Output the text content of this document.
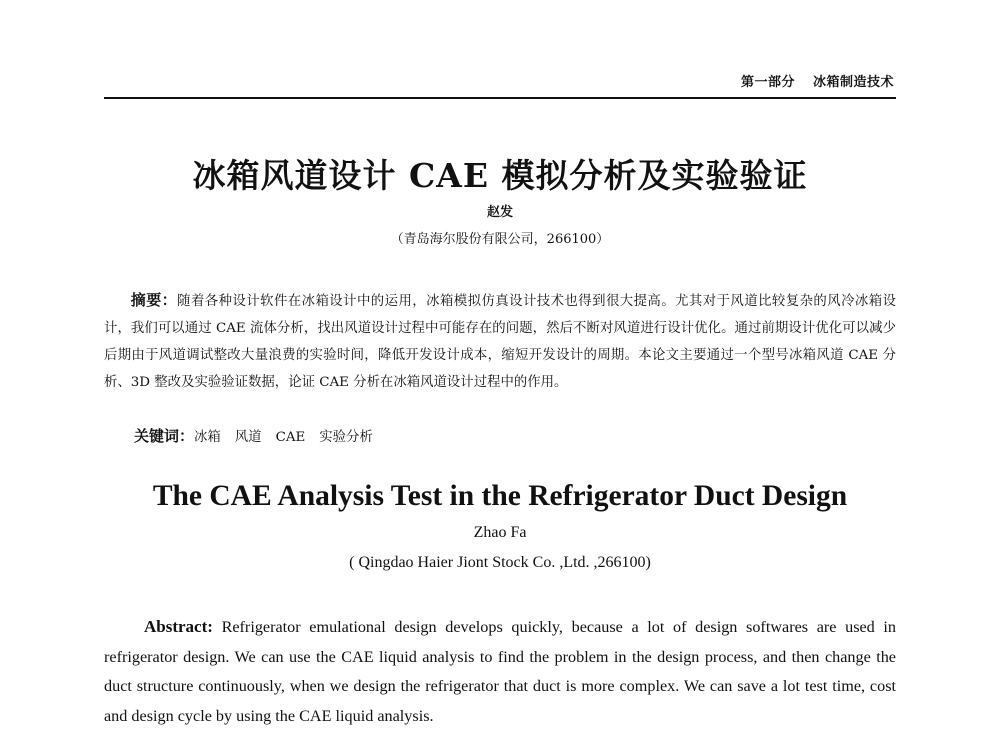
第一部分 冰箱制造技术
冰箱风道设计 CAE 模拟分析及实验验证
赵发
（青岛海尔股份有限公司，266100）
摘要：随着各种设计软件在冰箱设计中的运用，冰箱模拟仿真设计技术也得到很大提高。尤其对于风道比较复杂的风冷冰箱设计，我们可以通过 CAE 流体分析，找出风道设计过程中可能存在的问题，然后不断对风道进行设计优化。通过前期设计优化可以减少后期由于风道调试整改大量浪费的实验时间，降低开发设计成本，缩短开发设计的周期。本论文主要通过一个型号冰箱风道 CAE 分析、3D 整改及实验验证数据，论证 CAE 分析在冰箱风道设计过程中的作用。
关键词：冰箱 风道 CAE 实验分析
The CAE Analysis Test in the Refrigerator Duct Design
Zhao Fa
( Qingdao Haier Jiont Stock Co. ,Ltd. ,266100)
Abstract: Refrigerator emulational design develops quickly, because a lot of design softwares are used in refrigerator design. We can use the CAE liquid analysis to find the problem in the design process, and then change the duct structure continuously, when we design the refrigerator that duct is more complex. We can save a lot test time, cost and design cycle by using the CAE liquid analysis.
